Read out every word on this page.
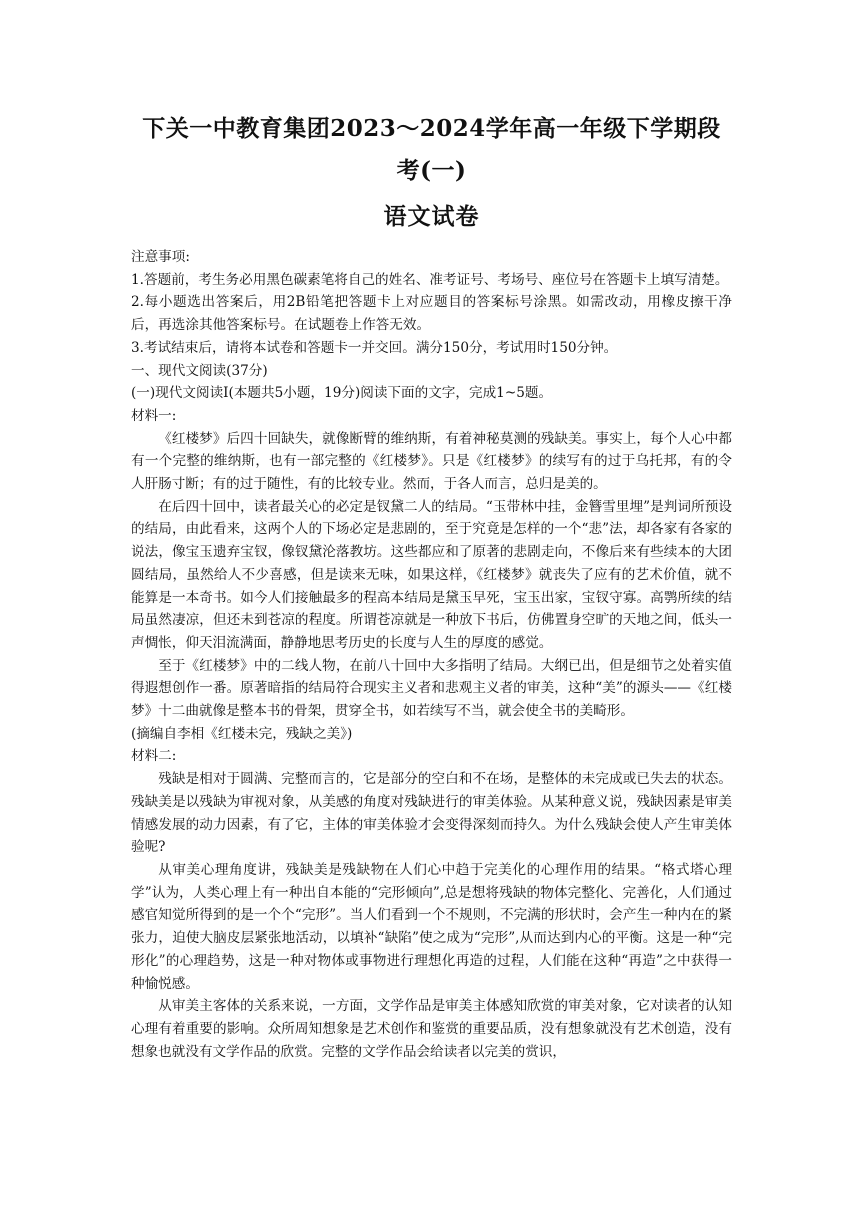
下关一中教育集团2023～2024学年高一年级下学期段考(一)
语文试卷

注意事项:

1.答题前，考生务必用黑色碳素笔将自己的姓名、准考证号、考场号、座位号在答题卡上填写清楚。

2.每小题选出答案后，用2B铅笔把答题卡上对应题目的答案标号涂黑。如需改动，用橡皮擦干净后，再选涂其他答案标号。在试题卷上作答无效。

3.考试结束后，请将本试卷和答题卡一并交回。满分150分，考试用时150分钟。

一、现代文阅读(37分)

(一)现代文阅读I(本题共5小题，19分)阅读下面的文字，完成1~5题。

材料一:

《红楼梦》后四十回缺失，就像断臂的维纳斯，有着神秘莫测的残缺美。事实上，每个人心中都有一个完整的维纳斯，也有一部完整的《红楼梦》。只是《红楼梦》的续写有的过于乌托邦，有的令人肝肠寸断；有的过于随性，有的比较专业。然而，于各人而言，总归是美的。

在后四十回中，读者最关心的必定是钗黛二人的结局。“玉带林中挂，金簪雪里埋”是判词所预设的结局，由此看来，这两个人的下场必定是悲剧的，至于究竟是怎样的一个“悲”法，却各家有各家的说法，像宝玉遗弃宝钗，像钗黛沦落教坊。这些都应和了原著的悲剧走向，不像后来有些续本的大团圆结局，虽然给人不少喜感，但是读来无味，如果这样，《红楼梦》就丧失了应有的艺术价值，就不能算是一本奇书。如今人们接触最多的程高本结局是黛玉早死，宝玉出家，宝钗守寡。高鹗所续的结局虽然凄凉，但还未到苍凉的程度。所谓苍凉就是一种放下书后，仿佛置身空旷的天地之间，低头一声惆怅，仰天泪流满面，静静地思考历史的长度与人生的厚度的感觉。

至于《红楼梦》中的二线人物，在前八十回中大多指明了结局。大纲已出，但是细节之处着实值得遐想创作一番。原著暗指的结局符合现实主义者和悲观主义者的审美，这种“美”的源头——《红楼梦》十二曲就像是整本书的骨架，贯穿全书，如若续写不当，就会使全书的美畸形。

(摘编自李相《红楼未完，残缺之美》)

材料二:

残缺是相对于圆满、完整而言的，它是部分的空白和不在场，是整体的未完成或已失去的状态。残缺美是以残缺为审视对象，从美感的角度对残缺进行的审美体验。从某种意义说，残缺因素是审美情感发展的动力因素，有了它，主体的审美体验才会变得深刻而持久。为什么残缺会使人产生审美体验呢?

从审美心理角度讲，残缺美是残缺物在人们心中趋于完美化的心理作用的结果。“格式塔心理学”认为，人类心理上有一种出自本能的“完形倾向”,总是想将残缺的物体完整化、完善化，人们通过感官知觉所得到的是一个个“完形”。当人们看到一个不规则，不完满的形状时，会产生一种内在的紧张力，迫使大脑皮层紧张地活动，以填补“缺陷”使之成为“完形”,从而达到内心的平衡。这是一种“完形化”的心理趋势，这是一种对物体或事物进行理想化再造的过程，人们能在这种“再造”之中获得一种愉悦感。

从审美主客体的关系来说，一方面，文学作品是审美主体感知欣赏的审美对象，它对读者的认知心理有着重要的影响。众所周知想象是艺术创作和鉴赏的重要品质，没有想象就没有艺术创造，没有想象也就没有文学作品的欣赏。完整的文学作品会给读者以完美的赏识，
